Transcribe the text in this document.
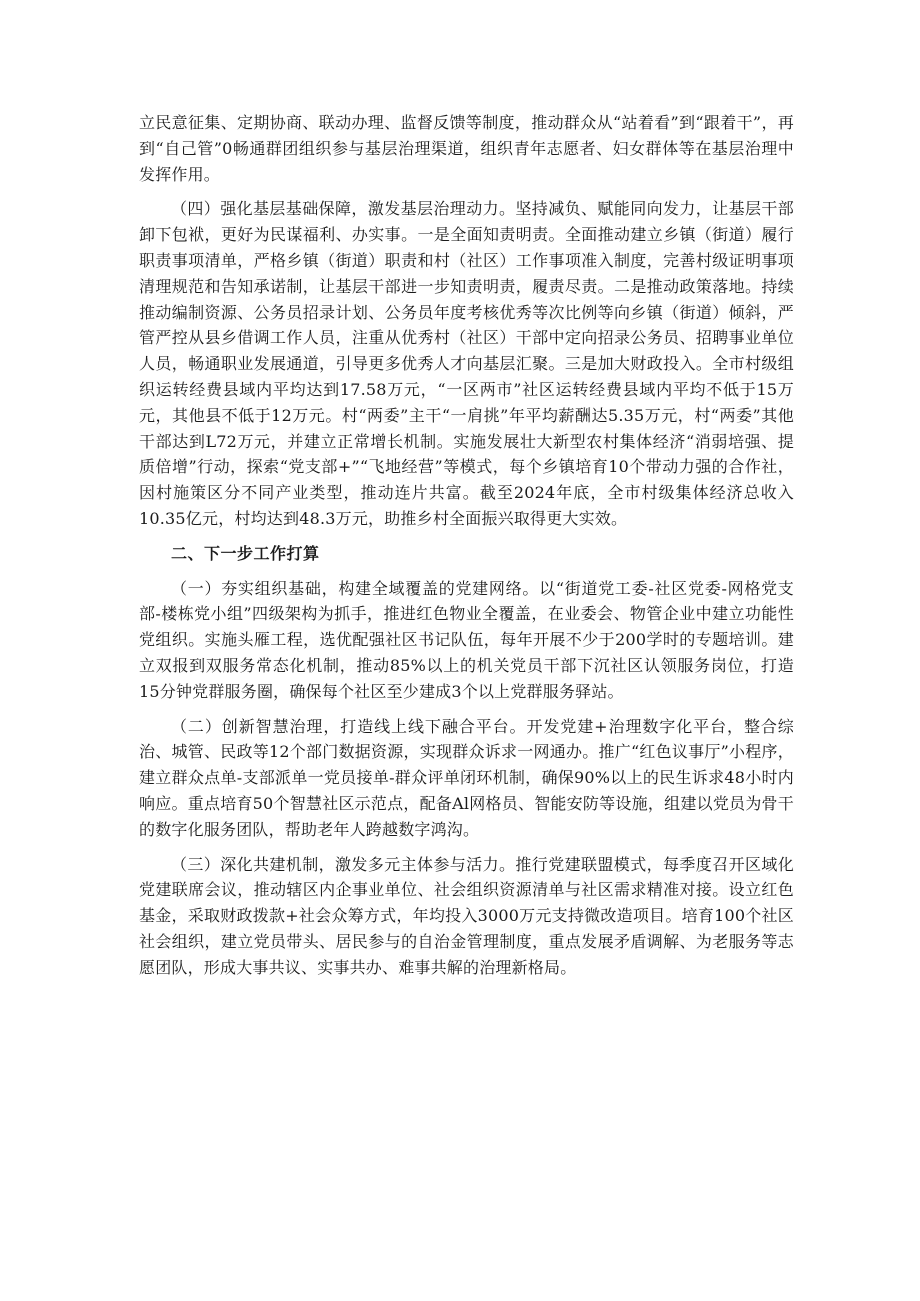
立民意征集、定期协商、联动办理、监督反馈等制度，推动群众从“站着看”到“跟着干”，再到“自己管”0畅通群团组织参与基层治理渠道，组织青年志愿者、妇女群体等在基层治理中发挥作用。

（四）强化基层基础保障，激发基层治理动力。坚持减负、赋能同向发力，让基层干部卸下包袱，更好为民谋福利、办实事。一是全面知责明责。全面推动建立乡镇（街道）履行职责事项清单，严格乡镇（街道）职责和村（社区）工作事项准入制度，完善村级证明事项清理规范和告知承诺制，让基层干部进一步知责明责，履责尽责。二是推动政策落地。持续推动编制资源、公务员招录计划、公务员年度考核优秀等次比例等向乡镇（街道）倾斜，严管严控从县乡借调工作人员，注重从优秀村（社区）干部中定向招录公务员、招聘事业单位人员，畅通职业发展通道，引导更多优秀人才向基层汇聚。三是加大财政投入。全市村级组织运转经费县域内平均达到17.58万元，“一区两市”社区运转经费县域内平均不低于15万元，其他县不低于12万元。村“两委”主干“一肩挑”年平均薪酬达5.35万元，村“两委”其他干部达到L72万元，并建立正常增长机制。实施发展壮大新型农村集体经济“消弱培强、提质倍增”行动，探索“党支部+”“飞地经营”等模式，每个乡镇培育10个带动力强的合作社，因村施策区分不同产业类型，推动连片共富。截至2024年底，全市村级集体经济总收入10.35亿元，村均达到48.3万元，助推乡村全面振兴取得更大实效。

二、下一步工作打算

（一）夯实组织基础，构建全域覆盖的党建网络。以“街道党工委-社区党委-网格党支部-楼栋党小组”四级架构为抓手，推进红色物业全覆盖，在业委会、物管企业中建立功能性党组织。实施头雁工程，选优配强社区书记队伍，每年开展不少于200学时的专题培训。建立双报到双服务常态化机制，推动85%以上的机关党员干部下沉社区认领服务岗位，打造15分钟党群服务圈，确保每个社区至少建成3个以上党群服务驿站。

（二）创新智慧治理，打造线上线下融合平台。开发党建+治理数字化平台，整合综治、城管、民政等12个部门数据资源，实现群众诉求一网通办。推广“红色议事厅”小程序，建立群众点单-支部派单一党员接单-群众评单闭环机制，确保90%以上的民生诉求48小时内响应。重点培育50个智慧社区示范点，配备Al网格员、智能安防等设施，组建以党员为骨干的数字化服务团队，帮助老年人跨越数字鸿沟。

（三）深化共建机制，激发多元主体参与活力。推行党建联盟模式，每季度召开区域化党建联席会议，推动辖区内企事业单位、社会组织资源清单与社区需求精准对接。设立红色基金，采取财政拨款+社会众筹方式，年均投入3000万元支持微改造项目。培育100个社区社会组织，建立党员带头、居民参与的自治金管理制度，重点发展矛盾调解、为老服务等志愿团队，形成大事共议、实事共办、难事共解的治理新格局。
